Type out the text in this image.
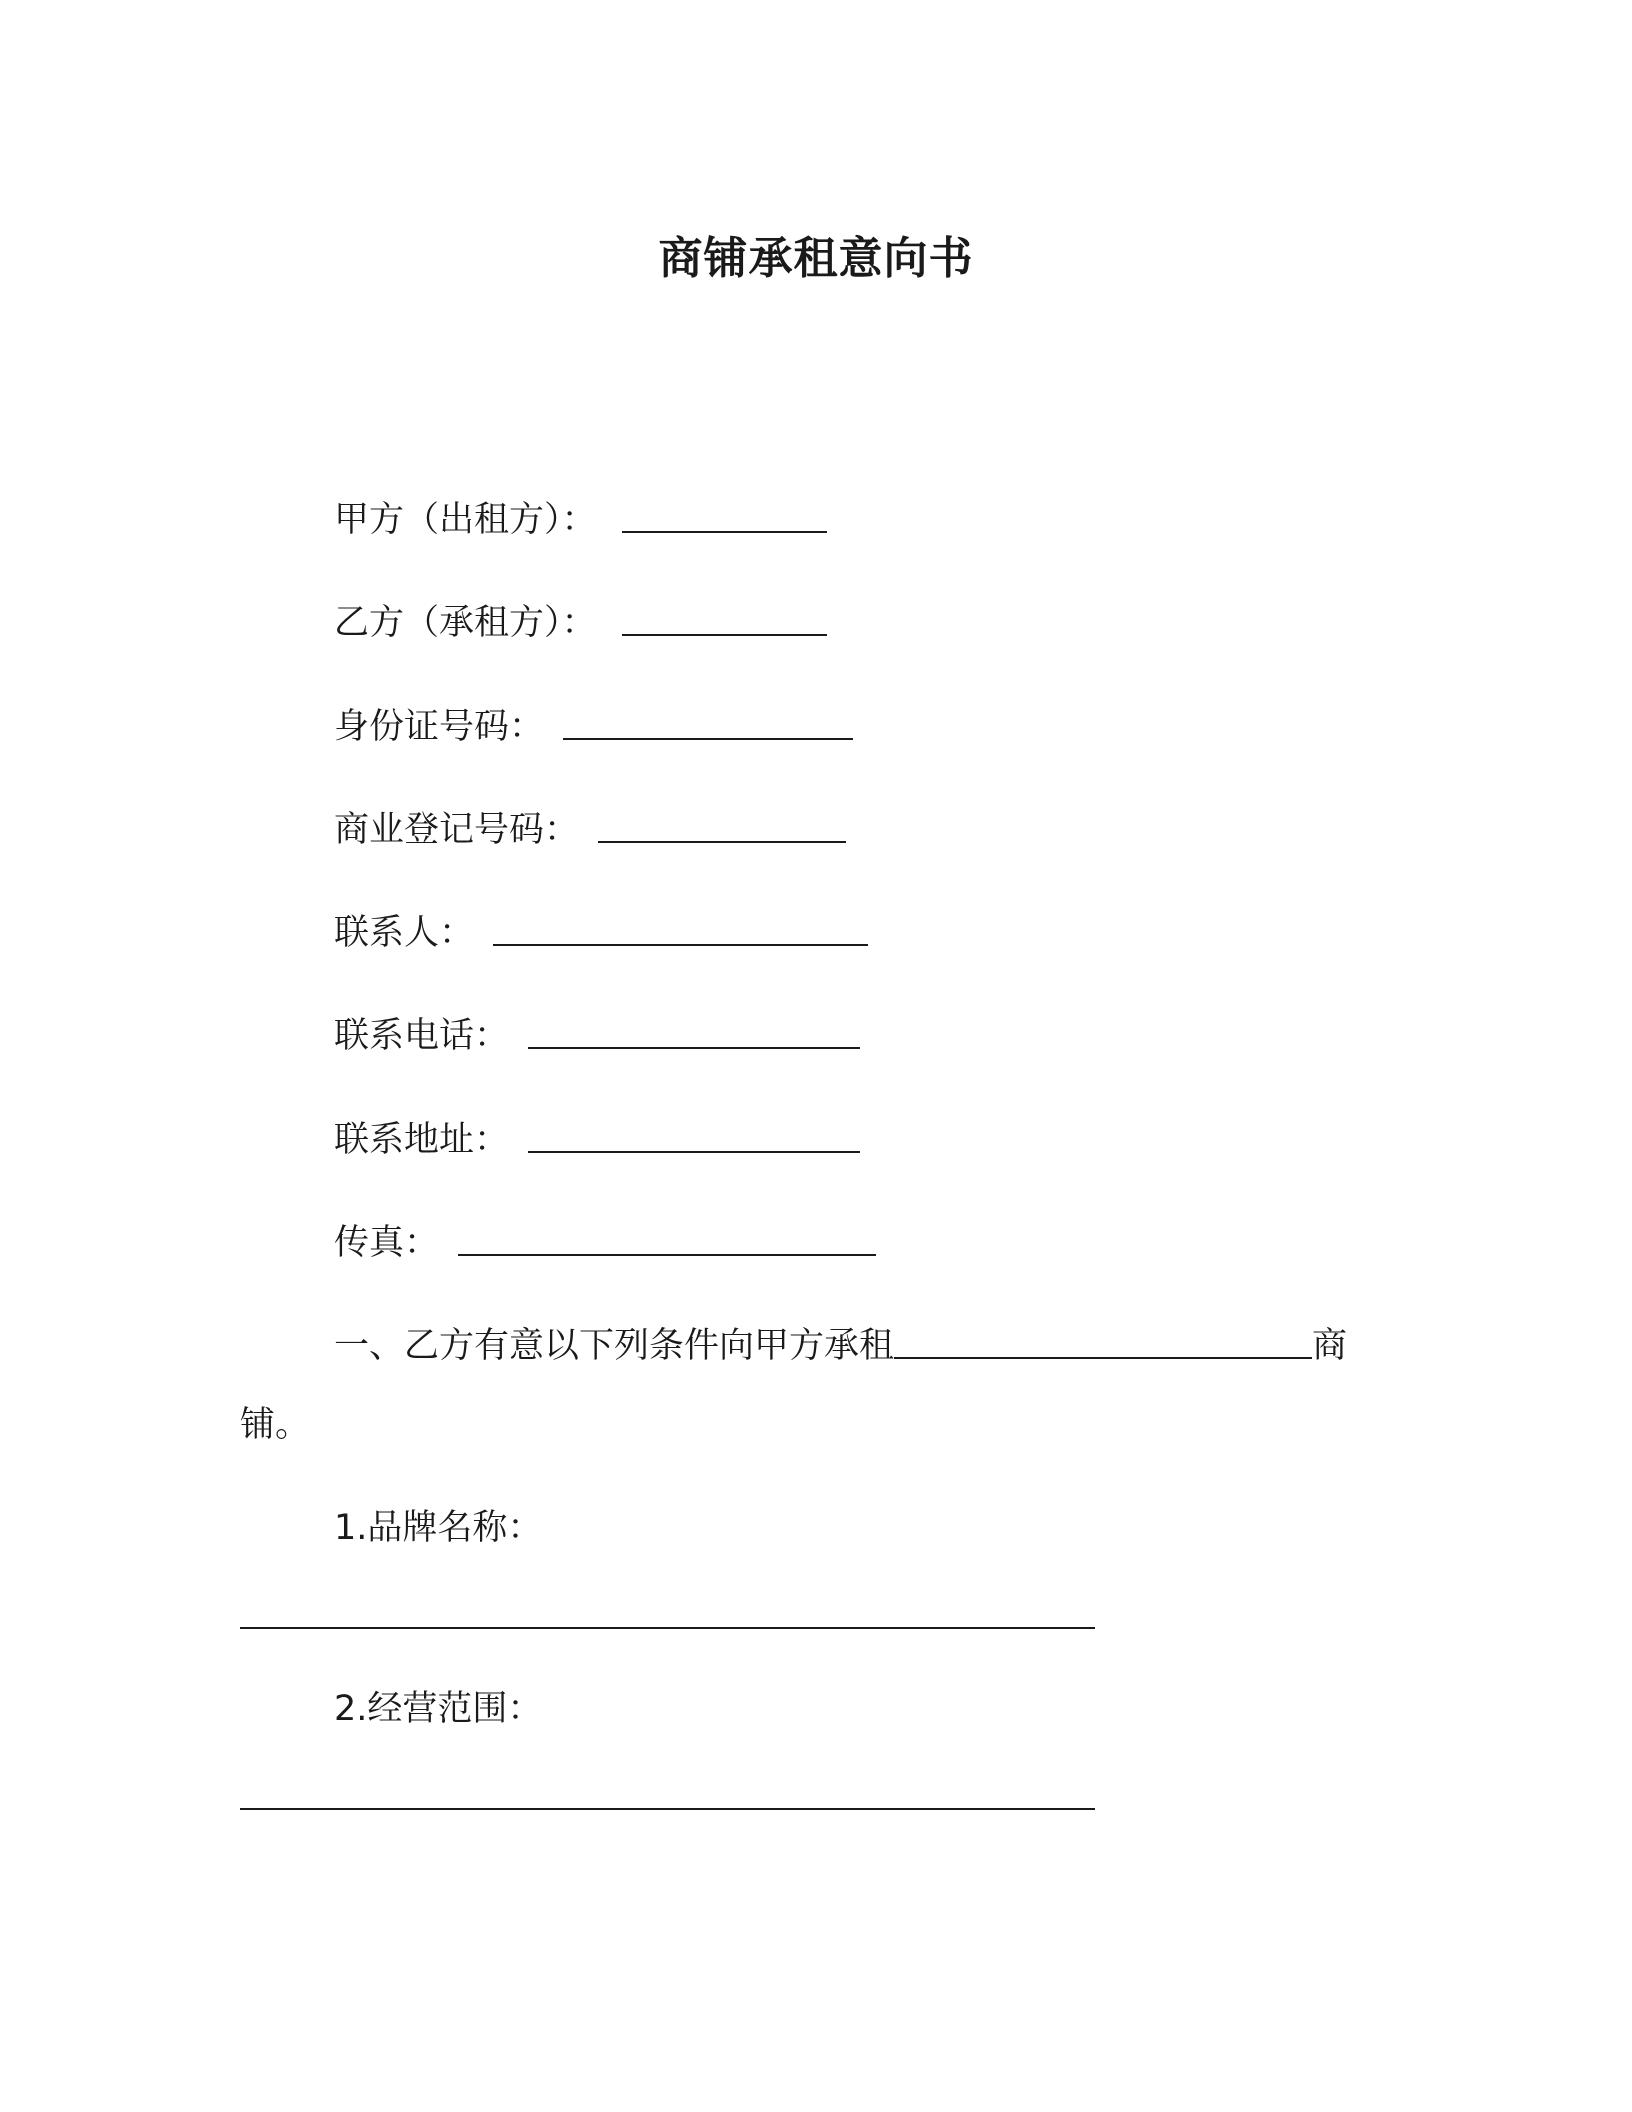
商铺承租意向书
甲方（出租方）：
乙方（承租方）：
身份证号码：
商业登记号码：
联系人：
联系电话：
联系地址：
传真：
一、乙方有意以下列条件向甲方承租	商
铺。
1.品牌名称：
2.经营范围：
